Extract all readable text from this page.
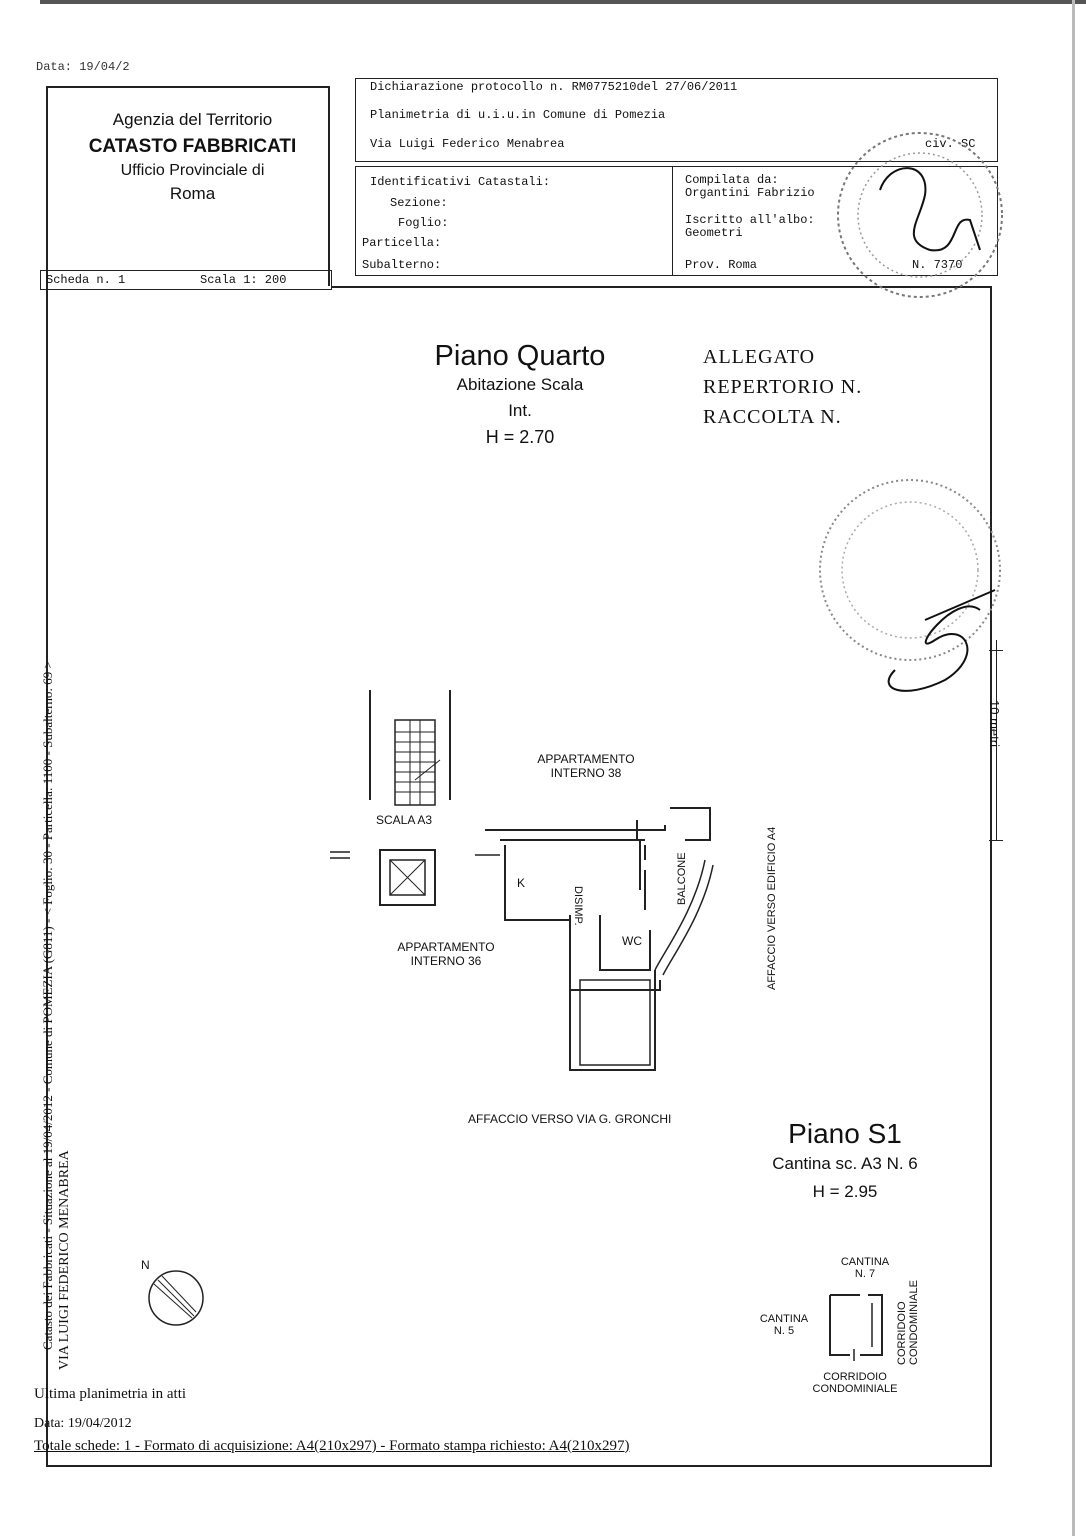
Data: 19/04/2
Agenzia del Territorio
CATASTO FABBRICATI
Ufficio Provinciale di
Roma
Dichiarazione protocollo n. RM0775210del 27/06/2011
Planimetria di u.i.u.in Comune di Pomezia
Via Luigi Federico Menabrea	civ. SC
Identificativi Catastali:
Sezione:
Foglio:
Particella:
Subalterno:
Compilata da:
Organtini Fabrizio
Iscritto all'albo:
Geometri
Prov. Roma	N. 7370
Scheda n. 1	Scala 1: 200
Piano Quarto
Abitazione Scala
Int.
H = 2.70
ALLEGATO
REPERTORIO N.
RACCOLTA N.
10 metri
APPARTAMENTO
INTERNO 38
SCALA A3
K	BALCONE
DISIMP.
WC
APPARTAMENTO
INTERNO 36	AFFACCIO VERSO EDIFICIO A4
AFFACCIO VERSO VIA G. GRONCHI	Piano S1
Cantina sc. A3 N. 6
H = 2.95
CANTINA
N. 7
CANTINA
N. 5	CORRIDOIO CONDOMINIALE
CORRIDOIO
CONDOMINIALE
N
Catasto dei Fabbricati - Situazione al 19/04/2012 - Comune di POMEZIA (G811) - < Foglio: 30 - Particella: 1100 - Subalterno: 69 > VIA LUIGI FEDERICO MENABREA
Ultima planimetria in atti
Data: 19/04/2012
Totale schede: 1 - Formato di acquisizione: A4(210x297) - Formato stampa richiesto: A4(210x297)
